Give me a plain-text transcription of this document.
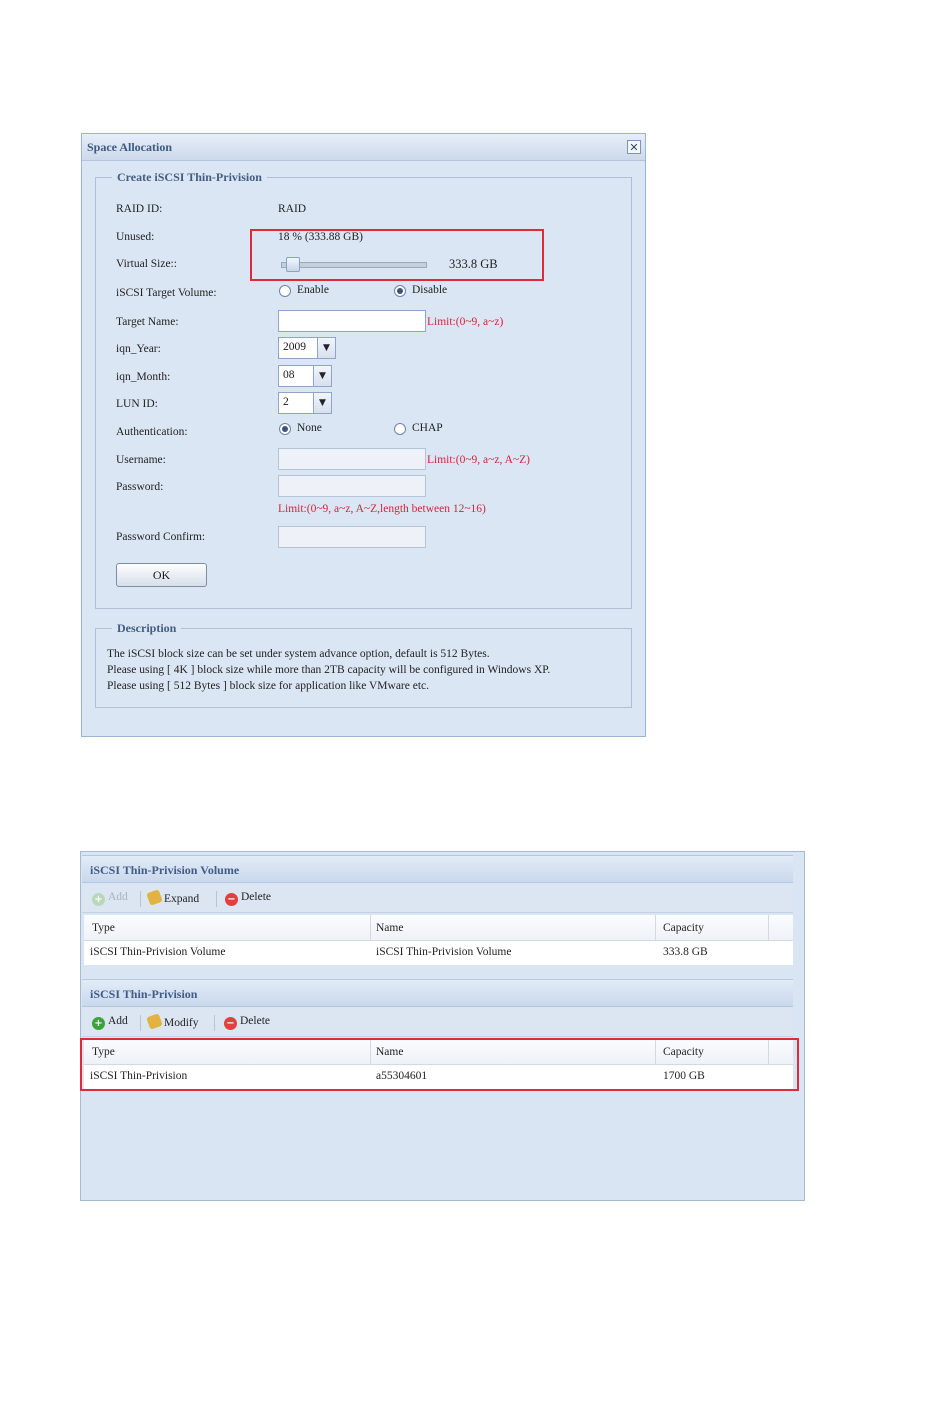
Space Allocation	✕
Create iSCSI Thin-Privision
RAID ID:	RAID
Unused:	18 % (333.88 GB)
Virtual Size::	333.8 GB
iSCSI Target Volume:	Enable	Disable
Target Name:	Limit:(0~9, a~z)
iqn_Year:	2009	▼
iqn_Month:	08	▼
LUN ID:	2	▼
Authentication:	None	CHAP
Username:	Limit:(0~9, a~z, A~Z)
Password:
Limit:(0~9, a~z, A~Z,length between 12~16)
Password Confirm:
OK
Description
The iSCSI block size can be set under system advance option, default is 512 Bytes.
Please using [ 4K ] block size while more than 2TB capacity will be configured in Windows XP.
Please using [ 512 Bytes ] block size for application like VMware etc.
iSCSI Thin-Privision Volume
+ Add	Expand	− Delete
Type	Name	Capacity
iSCSI Thin-Privision Volume	iSCSI Thin-Privision Volume	333.8 GB
iSCSI Thin-Privision
+ Add	Modify	− Delete
Type	Name	Capacity
iSCSI Thin-Privision	a55304601	1700 GB
